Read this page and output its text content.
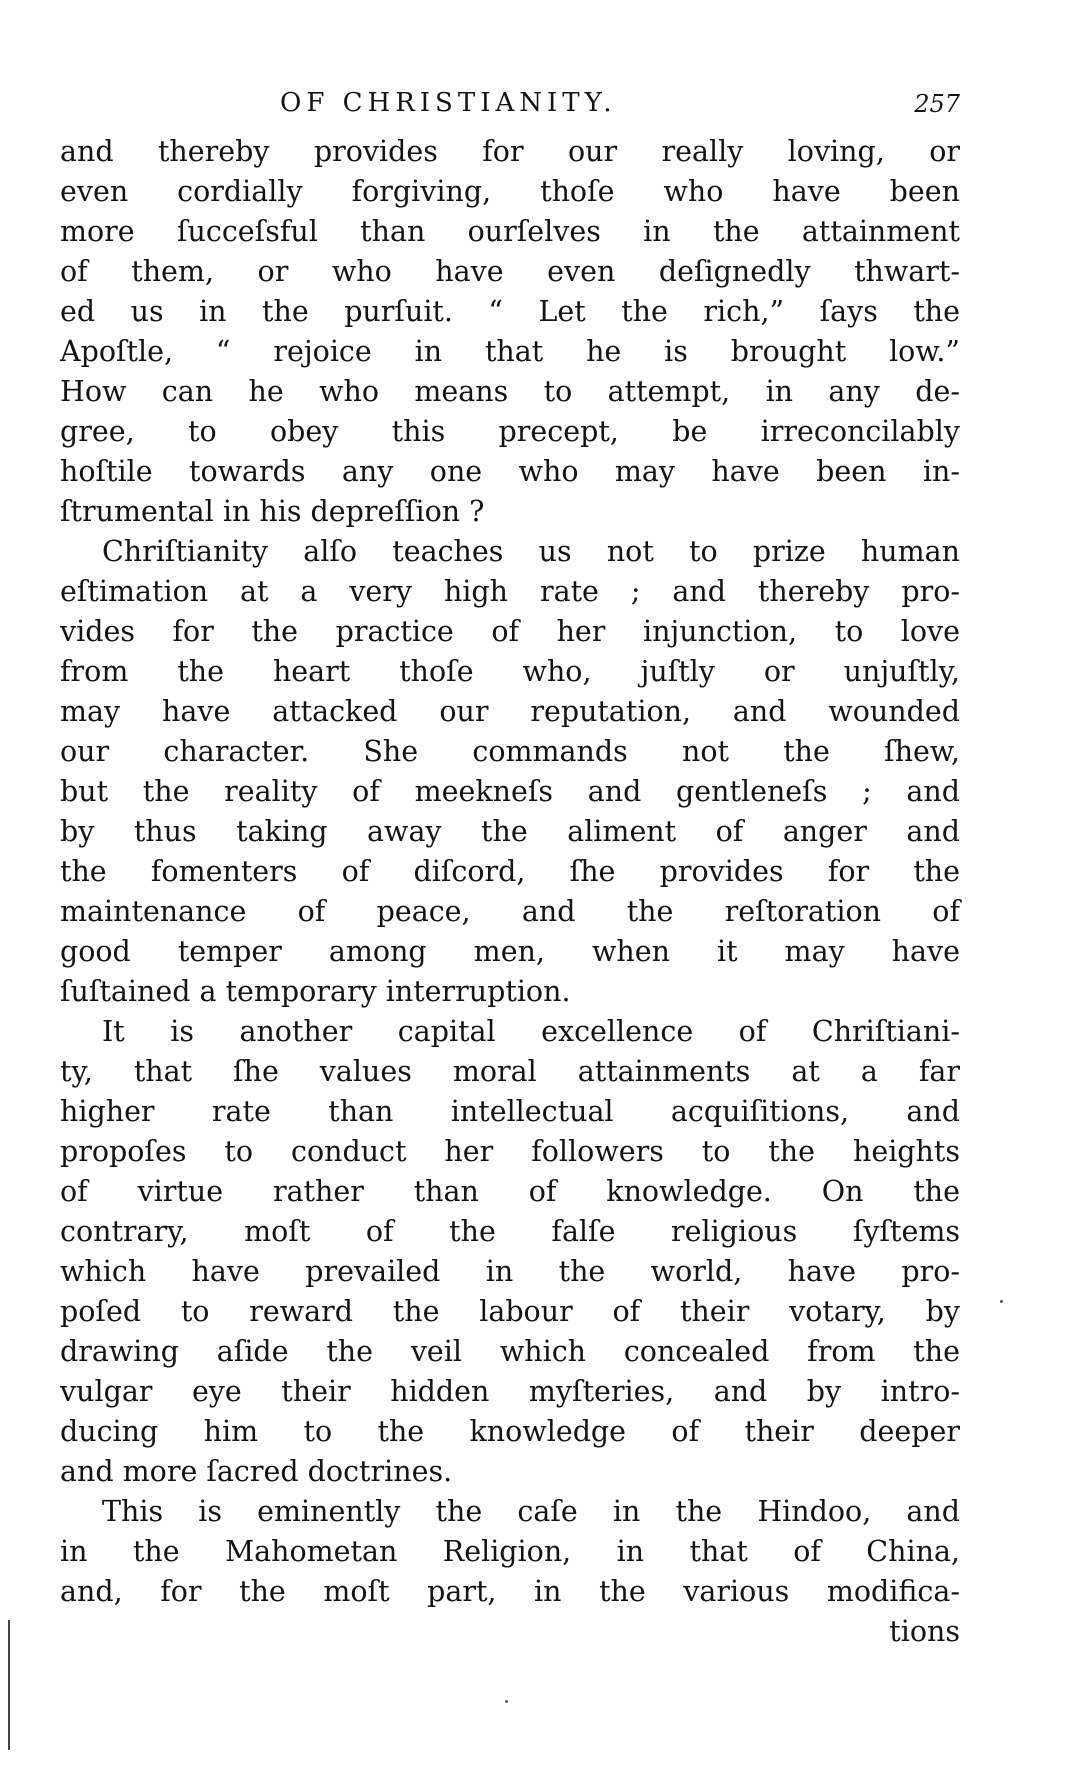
OF CHRISTIANITY.	257

and thereby provides for our really loving, or
even cordially forgiving, thoſe who have been
more ſucceſsful than ourſelves in the attainment
of them, or who have even deſignedly thwart-
ed us in the purſuit. “ Let the rich,” ſays the
Apoſtle, “ rejoice in that he is brought low.”
How can he who means to attempt, in any de-
gree, to obey this precept, be irreconcilably
hoſtile towards any one who may have been in-
ſtrumental in his depreſſion ?

Chriſtianity alſo teaches us not to prize human
eſtimation at a very high rate ; and thereby pro-
vides for the practice of her injunction, to love
from the heart thoſe who, juſtly or unjuſtly,
may have attacked our reputation, and wounded
our character. She commands not the ſhew,
but the reality of meekneſs and gentleneſs ; and
by thus taking away the aliment of anger and
the fomenters of diſcord, ſhe provides for the
maintenance of peace, and the reſtoration of
good temper among men, when it may have
ſuſtained a temporary interruption.

It is another capital excellence of Chriſtiani-
ty, that ſhe values moral attainments at a far
higher rate than intellectual acquiſitions, and
propoſes to conduct her followers to the heights
of virtue rather than of knowledge. On the
contrary, moſt of the falſe religious ſyſtems
which have prevailed in the world, have pro-
poſed to reward the labour of their votary, by
drawing aſide the veil which concealed from the
vulgar eye their hidden myſteries, and by intro-
ducing him to the knowledge of their deeper
and more ſacred doctrines.

This is eminently the caſe in the Hindoo, and
in the Mahometan Religion, in that of China,
and, for the moſt part, in the various modifica-

tions
